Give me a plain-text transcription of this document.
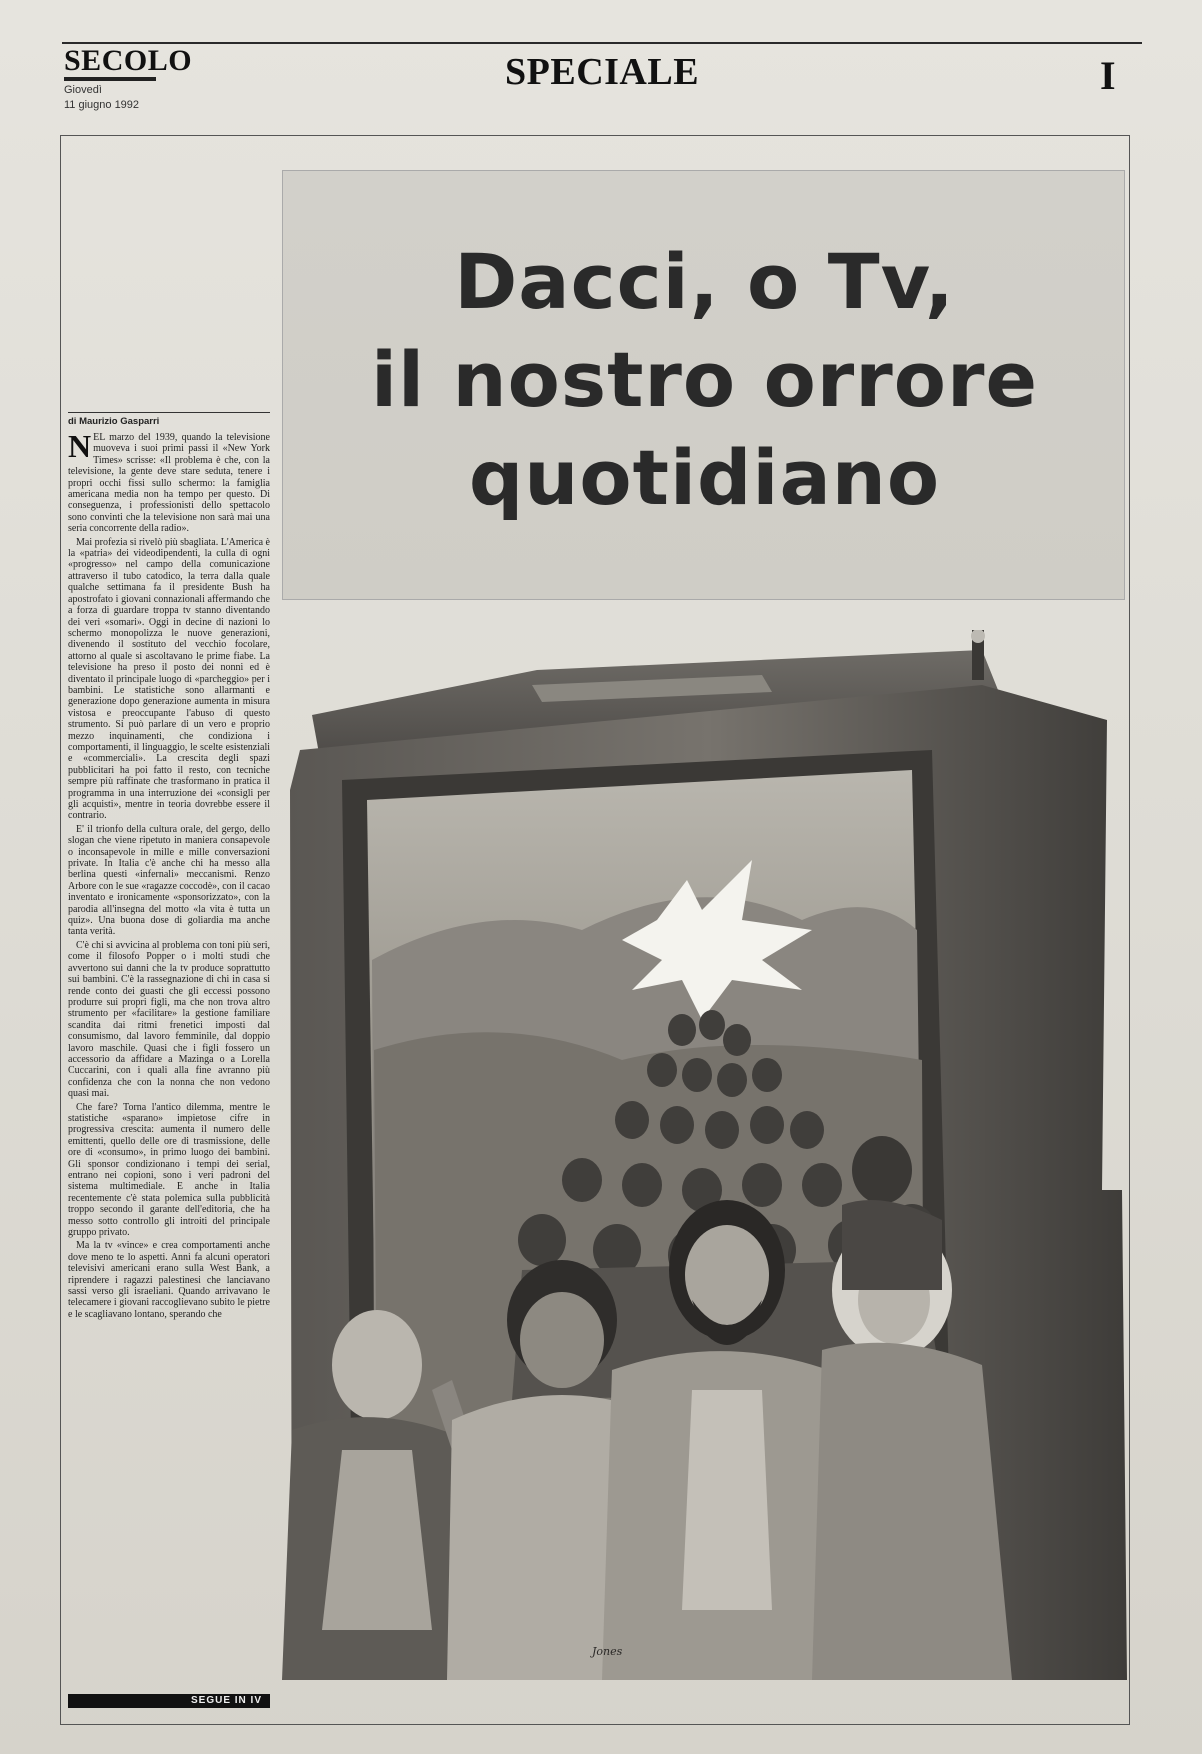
SECOLO
Giovedì
11 giugno 1992
SPECIALE	I
Dacci, o Tv,
il nostro orrore
quotidiano
di Maurizio Gasparri

NEL marzo del 1939, quando la televisione muoveva i suoi primi passi il «New York Times» scrisse: «Il problema è che, con la televisione, la gente deve stare seduta, tenere i propri occhi fissi sullo schermo: la famiglia americana media non ha tempo per questo. Di conseguenza, i professionisti dello spettacolo sono convinti che la televisione non sarà mai una seria concorrente della radio».

Mai profezia si rivelò più sbagliata. L'America è la «patria» dei videodipendenti, la culla di ogni «progresso» nel campo della comunicazione attraverso il tubo catodico, la terra dalla quale qualche settimana fa il presidente Bush ha apostrofato i giovani connazionali affermando che a forza di guardare troppa tv stanno diventando dei veri «somari». Oggi in decine di nazioni lo schermo monopolizza le nuove generazioni, divenendo il sostituto del vecchio focolare, attorno al quale si ascoltavano le prime fiabe. La televisione ha preso il posto dei nonni ed è diventato il principale luogo di «parcheggio» per i bambini. Le statistiche sono allarmanti e generazione dopo generazione aumenta in misura vistosa e preoccupante l'abuso di questo strumento. Si può parlare di un vero e proprio mezzo inquinamenti, che condiziona i comportamenti, il linguaggio, le scelte esistenziali e «commerciali». La crescita degli spazi pubblicitari ha poi fatto il resto, con tecniche sempre più raffinate che trasformano in pratica il programma in una interruzione dei «consigli per gli acquisti», mentre in teoria dovrebbe essere il contrario.

E' il trionfo della cultura orale, del gergo, dello slogan che viene ripetuto in maniera consapevole o inconsapevole in mille e mille conversazioni private. In Italia c'è anche chi ha messo alla berlina questi «infernali» meccanismi. Renzo Arbore con le sue «ragazze coccodè», con il cacao inventato e ironicamente «sponsorizzato», con la parodia all'insegna del motto «la vita è tutta un quiz». Una buona dose di goliardia ma anche tanta verità.

C'è chi si avvicina al problema con toni più seri, come il filosofo Popper o i molti studi che avvertono sui danni che la tv produce soprattutto sui bambini. C'è la rassegnazione di chi in casa si rende conto dei guasti che gli eccessi possono produrre sui propri figli, ma che non trova altro strumento per «facilitare» la gestione familiare scandita dai ritmi frenetici imposti dal consumismo, dal lavoro femminile, dal doppio lavoro maschile. Quasi che i figli fossero un accessorio da affidare a Mazinga o a Lorella Cuccarini, con i quali alla fine avranno più confidenza che con la nonna che non vedono quasi mai.

Che fare? Torna l'antico dilemma, mentre le statistiche «sparano» impietose cifre in progressiva crescita: aumenta il numero delle emittenti, quello delle ore di trasmissione, delle ore di «consumo», in primo luogo dei bambini. Gli sponsor condizionano i tempi dei serial, entrano nei copioni, sono i veri padroni del sistema multimediale. E anche in Italia recentemente c'è stata polemica sulla pubblicità troppo secondo il garante dell'editoria, che ha messo sotto controllo gli introiti del principale gruppo privato.

Ma la tv «vince» e crea comportamenti anche dove meno te lo aspetti. Anni fa alcuni operatori televisivi americani erano sulla West Bank, a riprendere i ragazzi palestinesi che lanciavano sassi verso gli israeliani. Quando arrivavano le telecamere i giovani raccoglievano subito le pietre e le scagliavano lontano, sperando che

SEGUE IN IV
Jones
